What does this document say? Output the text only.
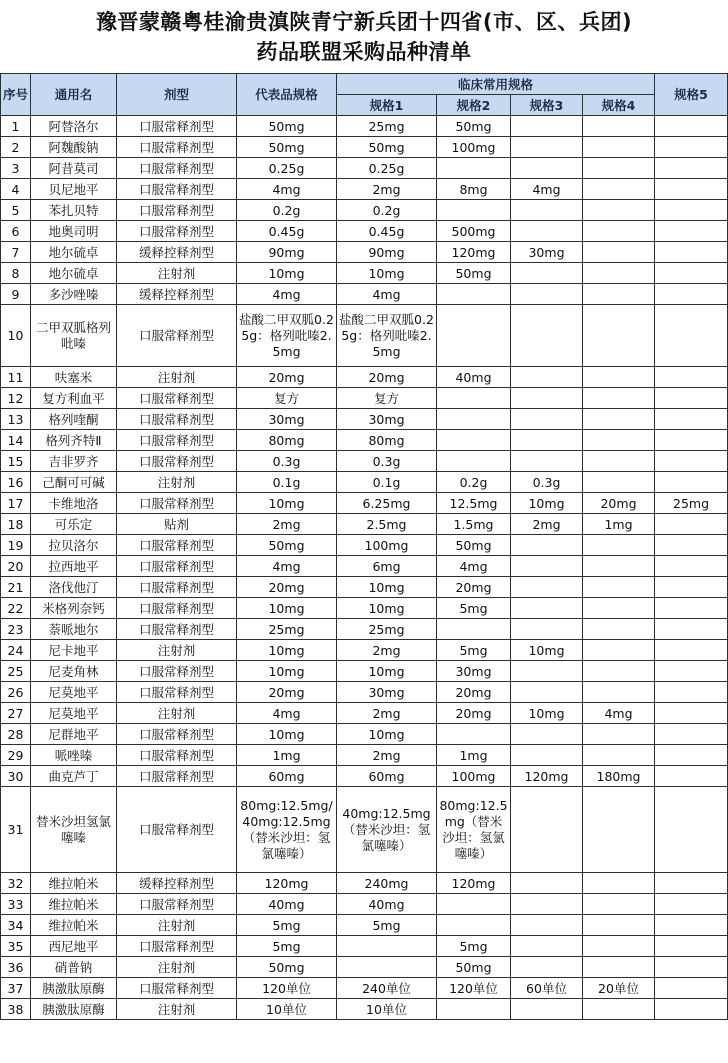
豫晋蒙赣粤桂渝贵滇陕青宁新兵团十四省(市、区、兵团)
药品联盟采购品种清单
序号	通用名	剂型	代表品规格	临床常用规格				规格5
				规格1	规格2	规格3	规格4	
1	阿替洛尔	口服常释剂型	50mg	25mg	50mg			
2	阿魏酸钠	口服常释剂型	50mg	50mg	100mg			
3	阿昔莫司	口服常释剂型	0.25g	0.25g				
4	贝尼地平	口服常释剂型	4mg	2mg	8mg	4mg		
5	苯扎贝特	口服常释剂型	0.2g	0.2g				
6	地奥司明	口服常释剂型	0.45g	0.45g	500mg			
7	地尔硫卓	缓释控释剂型	90mg	90mg	120mg	30mg		
8	地尔硫卓	注射剂	10mg	10mg	50mg			
9	多沙唑嗪	缓释控释剂型	4mg	4mg				
10	二甲双胍格列吡嗪	口服常释剂型	盐酸二甲双胍0.25g：格列吡嗪2.5mg	盐酸二甲双胍0.25g：格列吡嗪2.5mg				
11	呋塞米	注射剂	20mg	20mg	40mg			
12	复方利血平	口服常释剂型	复方	复方				
13	格列喹酮	口服常释剂型	30mg	30mg				
14	格列齐特Ⅱ	口服常释剂型	80mg	80mg				
15	吉非罗齐	口服常释剂型	0.3g	0.3g				
16	己酮可可碱	注射剂	0.1g	0.1g	0.2g	0.3g		
17	卡维地洛	口服常释剂型	10mg	6.25mg	12.5mg	10mg	20mg	25mg
18	可乐定	贴剂	2mg	2.5mg	1.5mg	2mg	1mg	
19	拉贝洛尔	口服常释剂型	50mg	100mg	50mg			
20	拉西地平	口服常释剂型	4mg	6mg	4mg			
21	洛伐他汀	口服常释剂型	20mg	10mg	20mg			
22	米格列奈钙	口服常释剂型	10mg	10mg	5mg			
23	萘哌地尔	口服常释剂型	25mg	25mg				
24	尼卡地平	注射剂	10mg	2mg	5mg	10mg		
25	尼麦角林	口服常释剂型	10mg	10mg	30mg			
26	尼莫地平	口服常释剂型	20mg	30mg	20mg			
27	尼莫地平	注射剂	4mg	2mg	20mg	10mg	4mg	
28	尼群地平	口服常释剂型	10mg	10mg				
29	哌唑嗪	口服常释剂型	1mg	2mg	1mg			
30	曲克芦丁	口服常释剂型	60mg	60mg	100mg	120mg	180mg	
31	替米沙坦氢氯噻嗪	口服常释剂型	80mg:12.5mg/40mg:12.5mg（替米沙坦：氢氯噻嗪）	40mg:12.5mg（替米沙坦：氢氯噻嗪）	80mg:12.5mg（替米沙坦：氢氯噻嗪）			
32	维拉帕米	缓释控释剂型	120mg	240mg	120mg			
33	维拉帕米	口服常释剂型	40mg	40mg				
34	维拉帕米	注射剂	5mg	5mg				
35	西尼地平	口服常释剂型	5mg		5mg			
36	硝普钠	注射剂	50mg		50mg			
37	胰激肽原酶	口服常释剂型	120单位	240单位	120单位	60单位	20单位	
38	胰激肽原酶	注射剂	10单位	10单位				
